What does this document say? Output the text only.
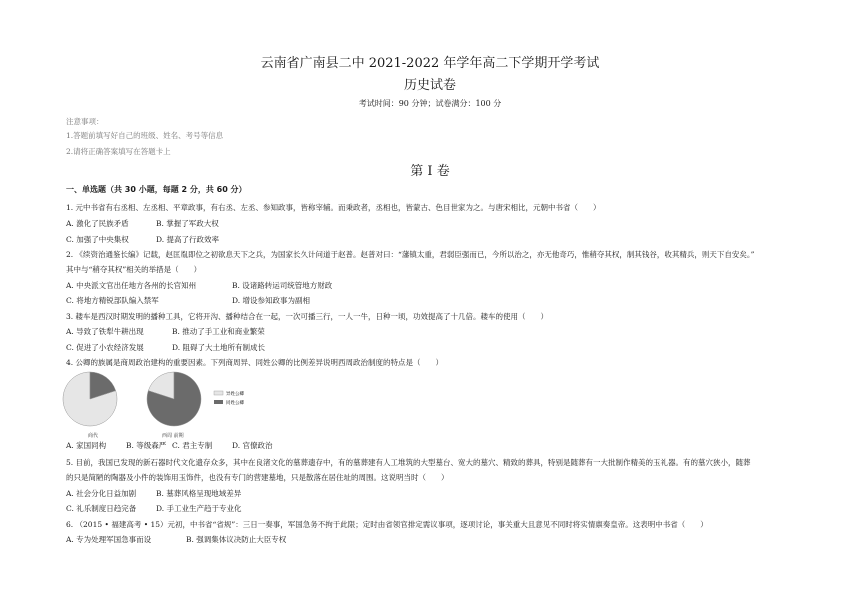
云南省广南县二中 2021-2022 年学年高二下学期开学考试
历史试卷
考试时间：90 分钟；试卷满分：100 分
注意事项：
1.答题前填写好自己的班级、姓名、考号等信息
2.请将正确答案填写在答题卡上
第 I 卷
一、单选题（共 30 小题，每题 2 分，共 60 分）
1. 元中书省有右丞相、左丞相、平章政事，有右丞、左丞、参知政事，皆称宰辅。而秉政者，丞相也，皆蒙古、色目世家为之。与唐宋相比，元朝中书省（　　）
A. 激化了民族矛盾	B. 掌握了军政大权
C. 加强了中央集权	D. 提高了行政效率
2. 《续资治通鉴长编》记载，赵匡胤即位之初欲息天下之兵，为国家长久计问道于赵普。赵普对曰：“藩镇太重，君弱臣强而已，今所以治之，亦无他奇巧，惟稍夺其权，制其钱谷，收其精兵，则天下自安矣。”
其中与“稍夺其权”相关的举措是（　　）
A. 中央派文官出任地方各州的长官知州	B. 设诸路转运司统管地方财政
C. 将地方精锐部队编入禁军	D. 增设参知政事为副相
3. 耧车是西汉时期发明的播种工具，它将开沟、播种结合在一起，一次可播三行，一人一牛，日种一顷，功效提高了十几倍。耧车的使用（　　）
A. 导致了铁犁牛耕出现	B. 推动了手工业和商业繁荣
C. 促进了小农经济发展	D. 阻碍了大土地所有制成长
4. 公卿的族属是商周政治建构的重要因素。下列商周异、同姓公卿的比例差异说明西周政治制度的特点是（　　）
异姓公卿
同姓公卿
商代	西周 前期
A. 家国同构	B. 等级森严 C. 君主专制	D. 官僚政治
5. 目前，我国已发现的新石器时代文化遗存众多，其中在良渚文化的墓葬遗存中，有的墓葬建有人工堆筑的大型墓台、宽大的墓穴、精致的葬具，特别是随葬有一大批制作精美的玉礼器。有的墓穴狭小，随葬
的只是简陋的陶器及小件的装饰用玉饰件，也没有专门的营建墓地，只是散落在居住址的周围。这说明当时（　　）
A. 社会分化日益加剧	B. 墓葬风格呈现地域差异
C. 礼乐制度日趋完备	D. 手工业生产趋于专业化
6. （2015 • 福建高考 • 15）元初，中书省“省规”：三日一奏事，军国急务不拘于此限；定时由省领官排定需议事项，逐项讨论，事关重大且意见不同时将实情禀奏皇帝。这表明中书省（　　）
A. 专为处理军国急事而设	B. 强调集体议决防止大臣专权
